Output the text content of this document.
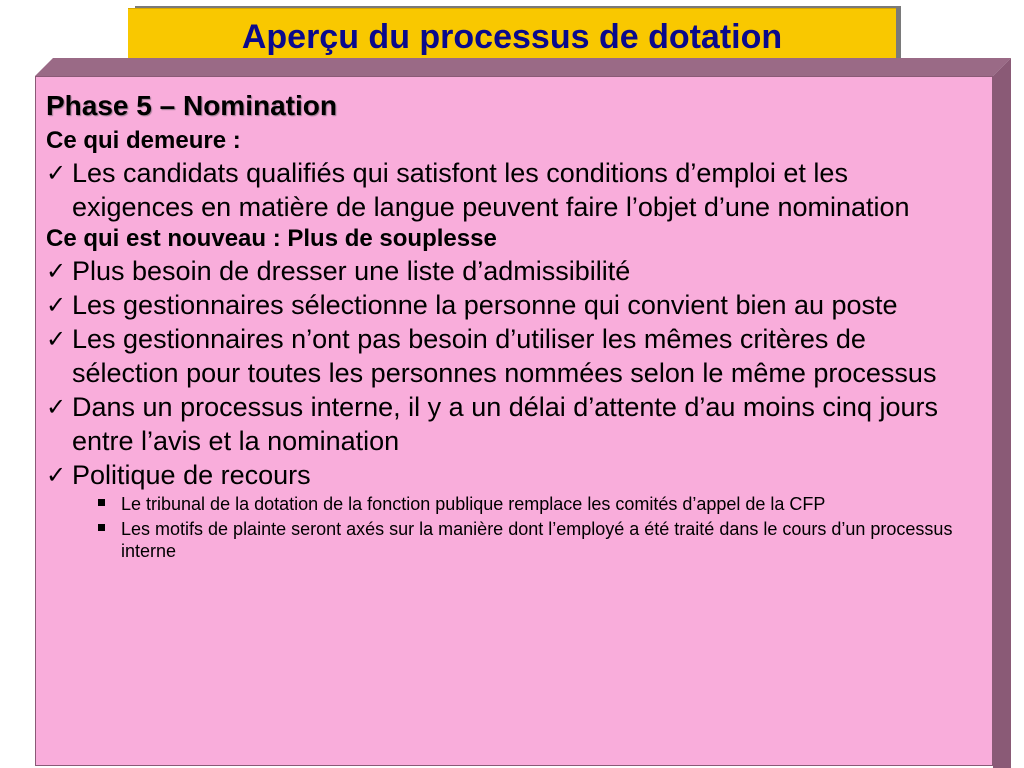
Aperçu du processus de dotation

Phase 5 – Nomination

Ce qui demeure :

✓ Les candidats qualifiés qui satisfont les conditions d’emploi et les exigences en matière de langue peuvent faire l’objet d’une nomination

Ce qui est nouveau : Plus de souplesse

✓ Plus besoin de dresser une liste d’admissibilité

✓ Les gestionnaires sélectionne la personne qui convient bien au poste

✓ Les gestionnaires n’ont pas besoin d’utiliser les mêmes critères de sélection pour toutes les personnes nommées selon le même processus

✓ Dans un processus interne, il y a un délai d’attente d’au moins cinq jours entre l’avis et la nomination

✓ Politique de recours

Le tribunal de la dotation de la fonction publique remplace les comités d’appel de la CFP

Les motifs de plainte seront axés sur la manière dont l’employé a été traité dans le cours d’un processus interne
